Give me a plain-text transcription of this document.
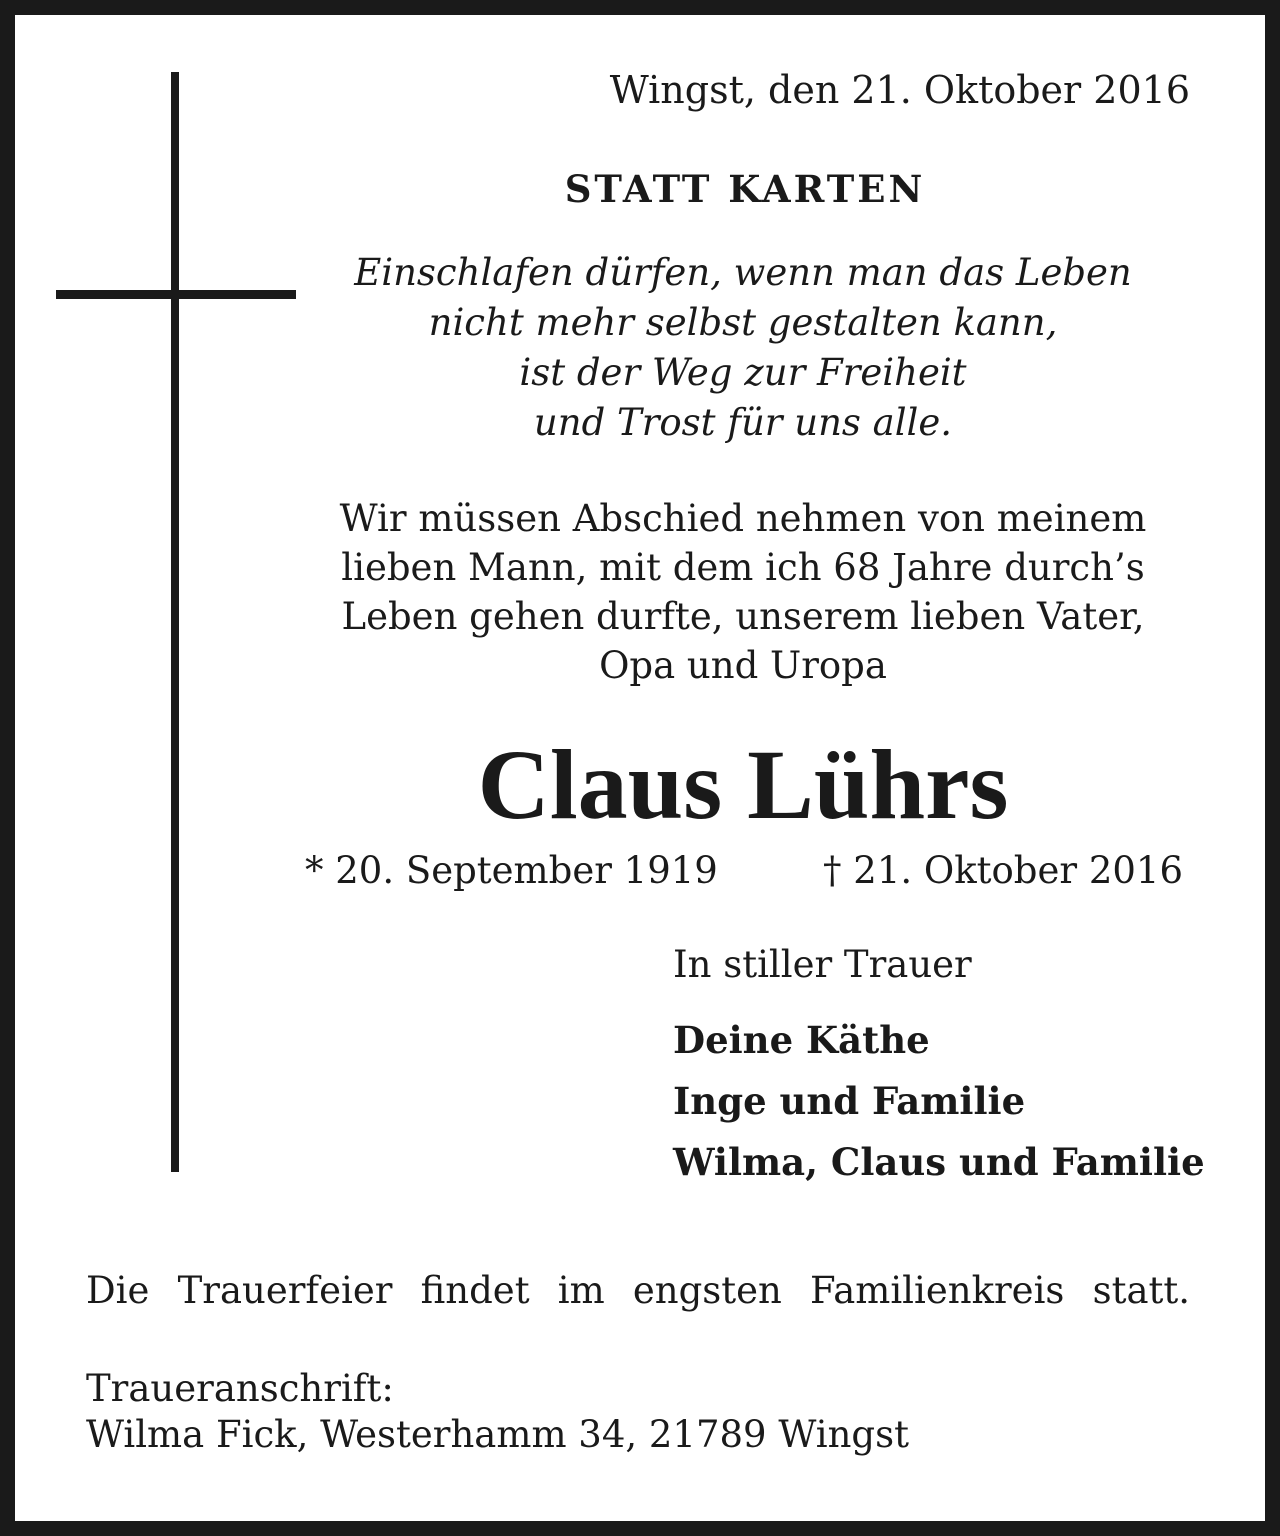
Wingst, den 21. Oktober 2016

STATT KARTEN

Einschlafen dürfen, wenn man das Leben
nicht mehr selbst gestalten kann,
ist der Weg zur Freiheit
und Trost für uns alle.
Wir müssen Abschied nehmen von meinem
lieben Mann, mit dem ich 68 Jahre durch’s
Leben gehen durfte, unserem lieben Vater,
Opa und Uropa
Claus Lührs

* 20. September 1919	† 21. Oktober 2016

In stiller Trauer

Deine Käthe
Inge und Familie
Wilma, Claus und Familie

Die Trauerfeier findet im engsten Familienkreis statt.

Traueranschrift:

Wilma Fick, Westerhamm 34, 21789 Wingst
